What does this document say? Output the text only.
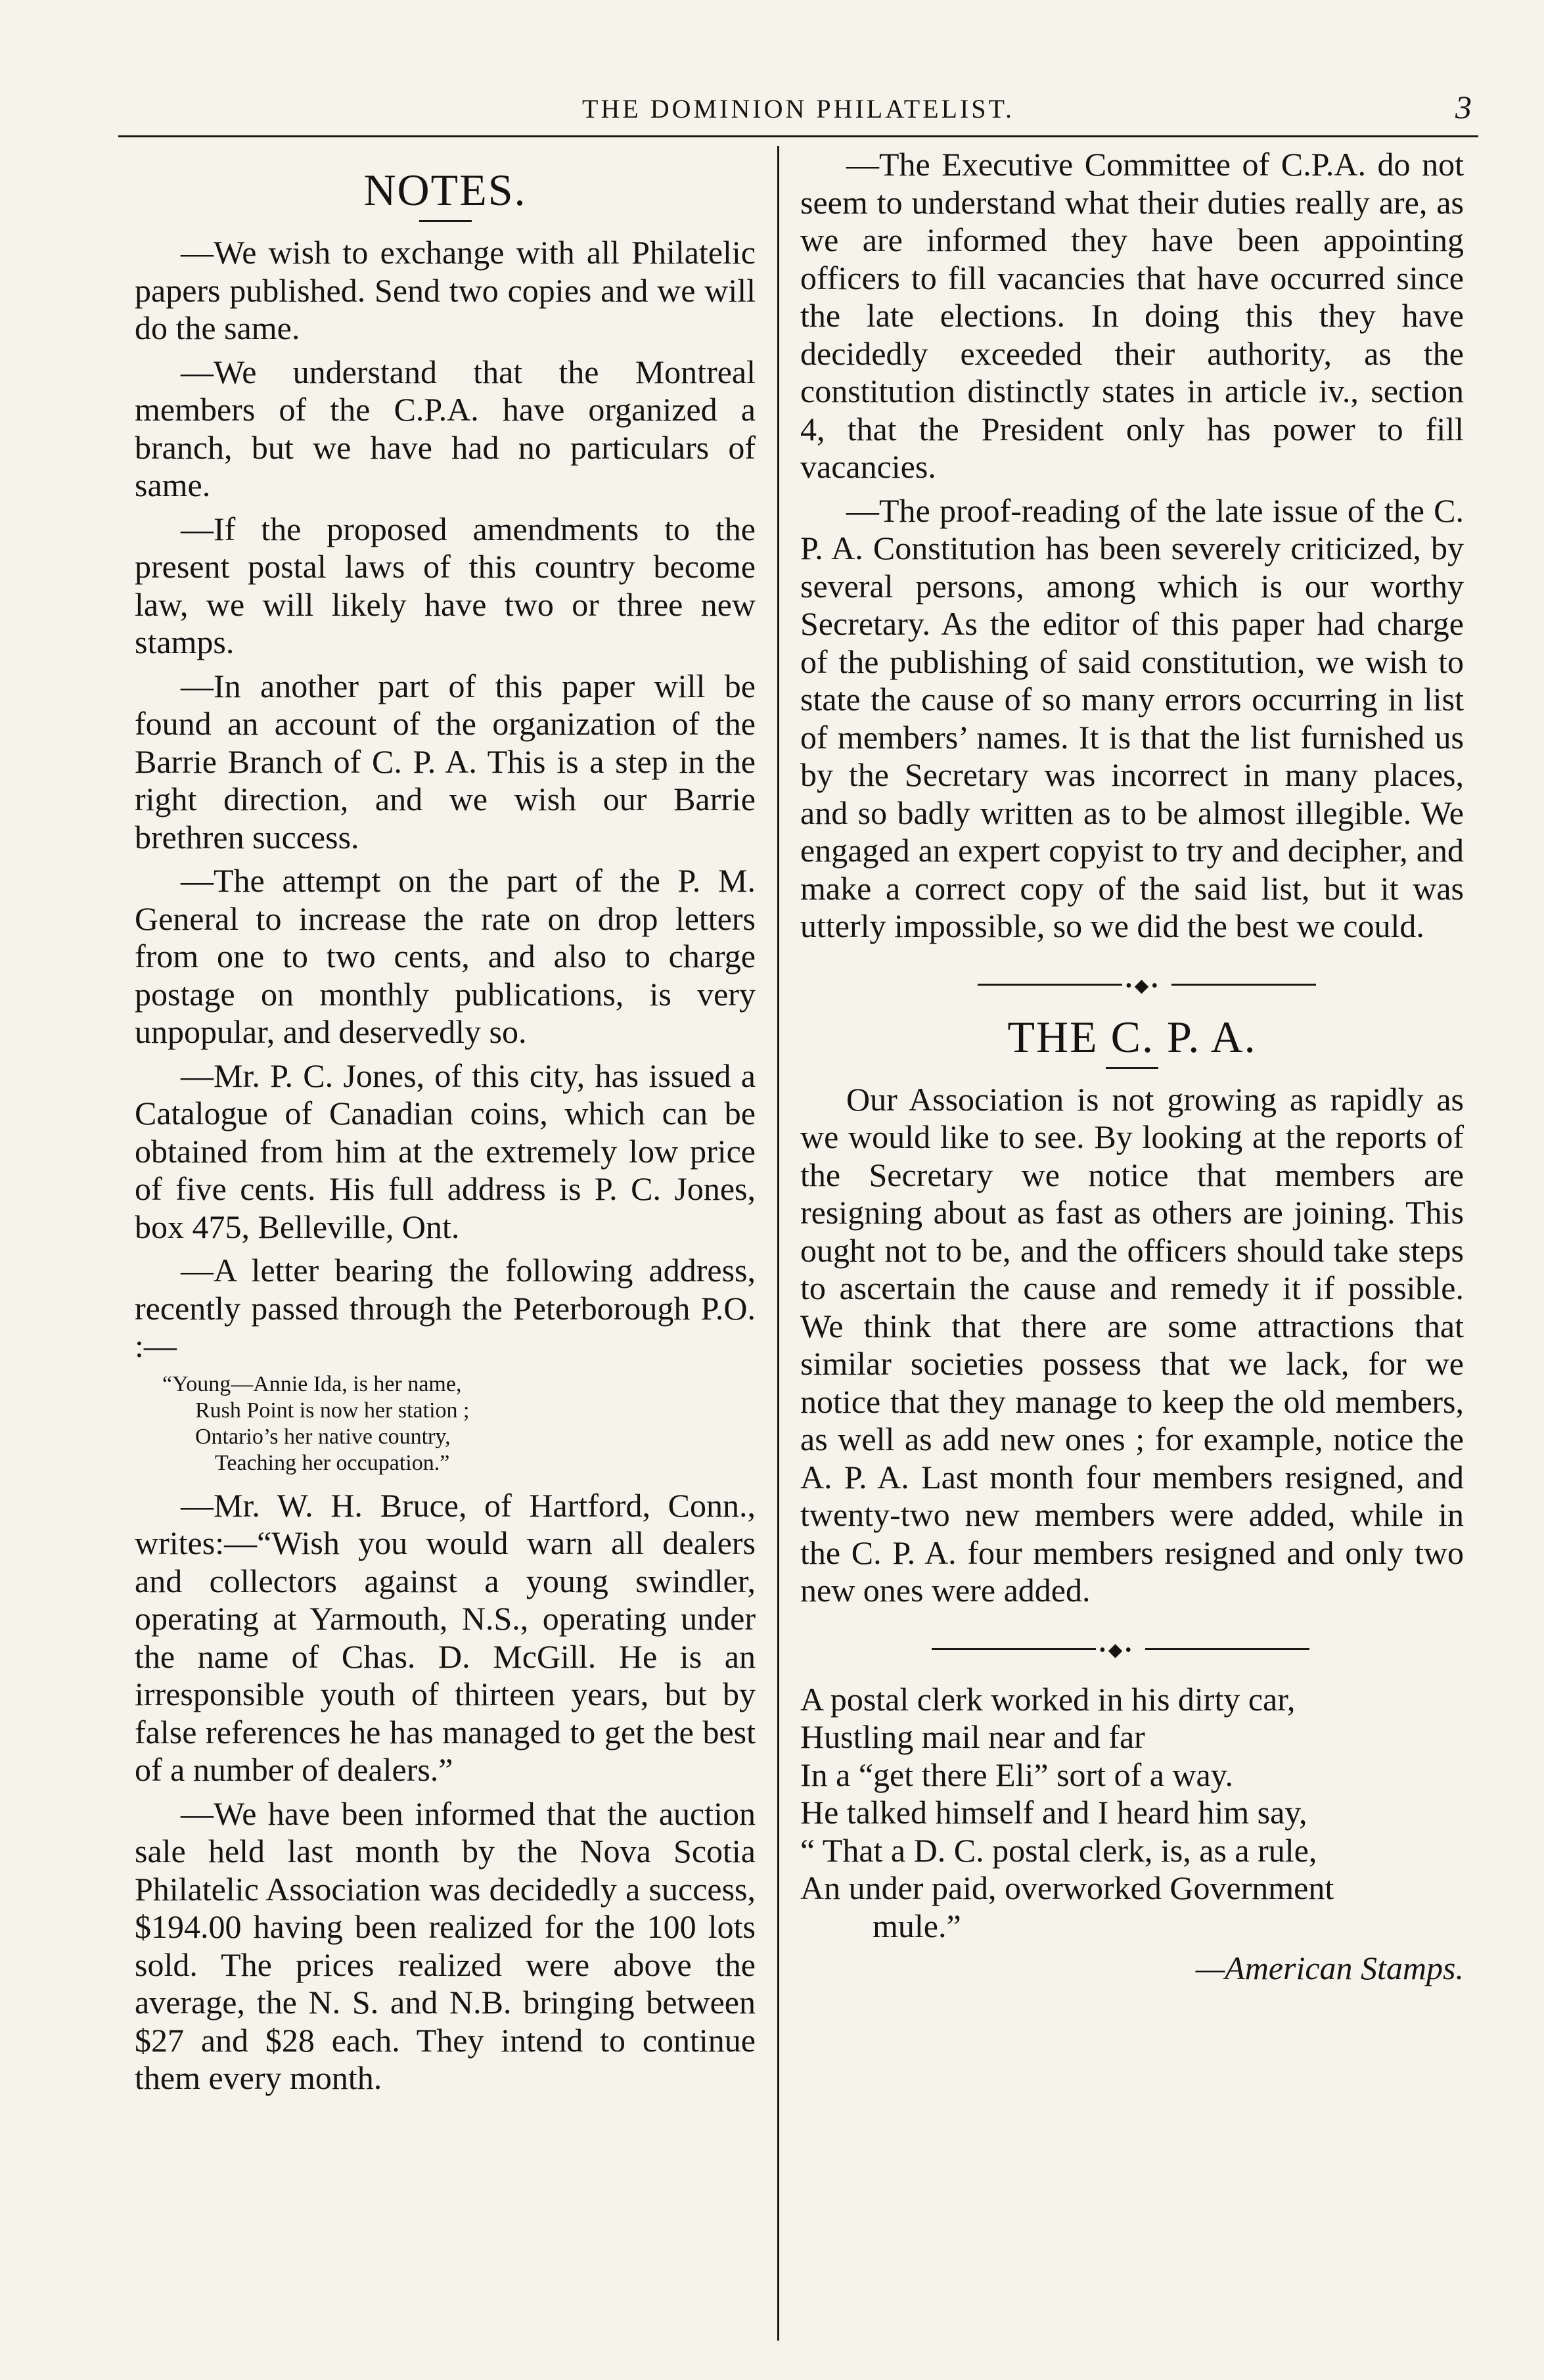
THE DOMINION PHILATELIST.	3
NOTES.

—We wish to exchange with all Philatelic papers published. Send two copies and we will do the same.

—We understand that the Montreal members of the C.P.A. have organized a branch, but we have had no particulars of same.

—If the proposed amendments to the present postal laws of this country become law, we will likely have two or three new stamps.

—In another part of this paper will be found an account of the organization of the Barrie Branch of C. P. A. This is a step in the right direction, and we wish our Barrie brethren success.

—The attempt on the part of the P. M. General to increase the rate on drop letters from one to two cents, and also to charge postage on monthly publications, is very unpopular, and deservedly so.

—Mr. P. C. Jones, of this city, has issued a Catalogue of Canadian coins, which can be obtained from him at the extremely low price of five cents. His full address is P. C. Jones, box 475, Belleville, Ont.

—A letter bearing the following address, recently passed through the Peterborough P.O. :—

“Young—Annie Ida, is her name,
Rush Point is now her station ;
Ontario’s her native country,
Teaching her occupation.”

—Mr. W. H. Bruce, of Hartford, Conn., writes:—“Wish you would warn all dealers and collectors against a young swindler, operating at Yarmouth, N.S., operating under the name of Chas. D. McGill. He is an irresponsible youth of thirteen years, but by false references he has managed to get the best of a number of dealers.”

—We have been informed that the auction sale held last month by the Nova Scotia Philatelic Association was decidedly a success, $194.00 having been realized for the 100 lots sold. The prices realized were above the average, the N. S. and N.B. bringing between $27 and $28 each. They intend to continue them every month.

—The Executive Committee of C.P.A. do not seem to understand what their duties really are, as we are informed they have been appointing officers to fill vacancies that have occurred since the late elections. In doing this they have decidedly exceeded their authority, as the constitution distinctly states in article iv., section 4, that the President only has power to fill vacancies.

—The proof-reading of the late issue of the C. P. A. Constitution has been severely criticized, by several persons, among which is our worthy Secretary. As the editor of this paper had charge of the publishing of said constitution, we wish to state the cause of so many errors occurring in list of members’ names. It is that the list furnished us by the Secretary was incorrect in many places, and so badly written as to be almost illegible. We engaged an expert copyist to try and decipher, and make a correct copy of the said list, but it was utterly impossible, so we did the best we could.

•◆•
THE C. P. A.

Our Association is not growing as rapidly as we would like to see. By looking at the reports of the Secretary we notice that members are resigning about as fast as others are joining. This ought not to be, and the officers should take steps to ascertain the cause and remedy it if possible. We think that there are some attractions that similar societies possess that we lack, for we notice that they manage to keep the old members, as well as add new ones ; for example, notice the A. P. A. Last month four members resigned, and twenty-two new members were added, while in the C. P. A. four members resigned and only two new ones were added.

•◆•
A postal clerk worked in his dirty car,
Hustling mail near and far
In a “get there Eli” sort of a way.
He talked himself and I heard him say,
“ That a D. C. postal clerk, is, as a rule,
An under paid, overworked Government
mule.”
—American Stamps.
